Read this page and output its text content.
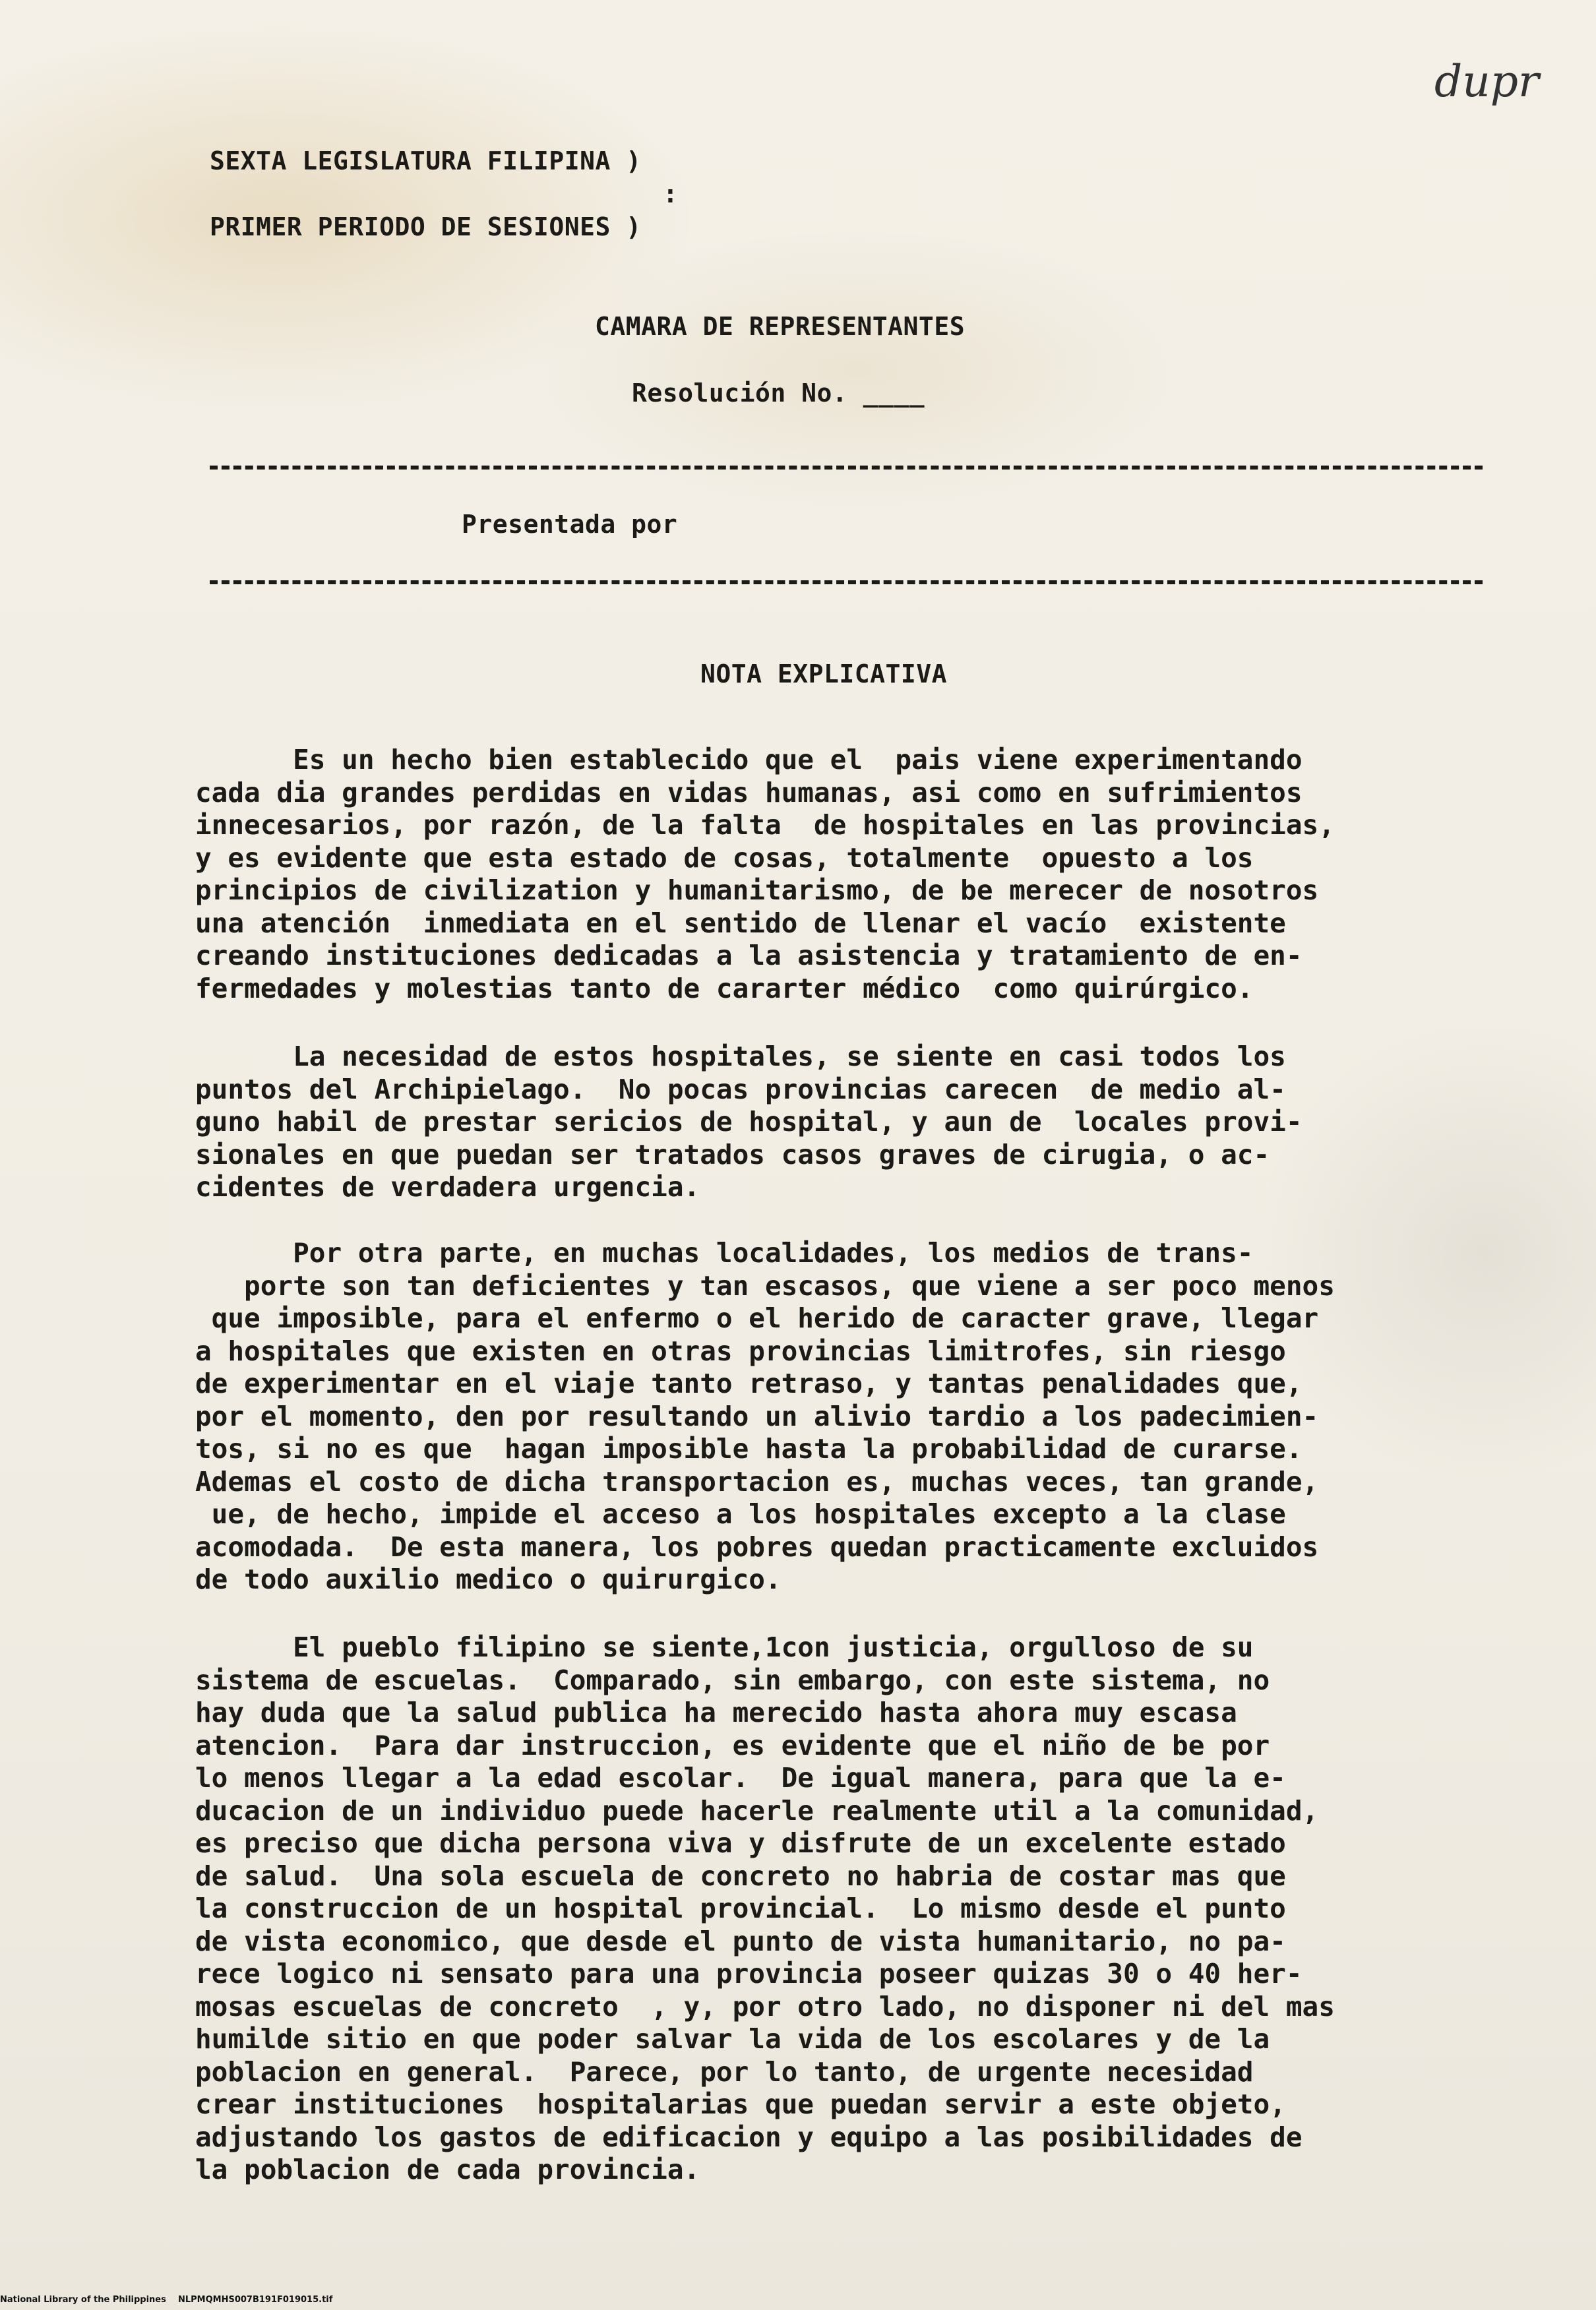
dupr
SEXTA LEGISLATURA FILIPINA )
:
PRIMER PERIODO DE SESIONES )
CAMARA DE REPRESENTANTES
Resolución No. ____
Presentada por
NOTA EXPLICATIVA
Es un hecho bien establecido que el  pais viene experimentando
cada dia grandes perdidas en vidas humanas, asi como en sufrimientos
innecesarios, por razón, de la falta  de hospitales en las provincias,
y es evidente que esta estado de cosas, totalmente  opuesto a los
principios de civilization y humanitarismo, de be merecer de nosotros
una atención  inmediata en el sentido de llenar el vacío  existente
creando instituciones dedicadas a la asistencia y tratamiento de en-
fermedades y molestias tanto de cararter médico  como quirúrgico.
La necesidad de estos hospitales, se siente en casi todos los
puntos del Archipielago.  No pocas provincias carecen  de medio al-
guno habil de prestar sericios de hospital, y aun de  locales provi-
sionales en que puedan ser tratados casos graves de cirugia, o ac-
cidentes de verdadera urgencia.
Por otra parte, en muchas localidades, los medios de trans-
porte son tan deficientes y tan escasos, que viene a ser poco menos
que imposible, para el enfermo o el herido de caracter grave, llegar
a hospitales que existen en otras provincias limitrofes, sin riesgo
de experimentar en el viaje tanto retraso, y tantas penalidades que,
por el momento, den por resultando un alivio tardio a los padecimien-
tos, si no es que  hagan imposible hasta la probabilidad de curarse.
Ademas el costo de dicha transportacion es, muchas veces, tan grande,
ue, de hecho, impide el acceso a los hospitales excepto a la clase
acomodada.  De esta manera, los pobres quedan practicamente excluidos
de todo auxilio medico o quirurgico.
El pueblo filipino se siente,1con justicia, orgulloso de su
sistema de escuelas.  Comparado, sin embargo, con este sistema, no
hay duda que la salud publica ha merecido hasta ahora muy escasa
atencion.  Para dar instruccion, es evidente que el niño de be por
lo menos llegar a la edad escolar.  De igual manera, para que la e-
ducacion de un individuo puede hacerle realmente util a la comunidad,
es preciso que dicha persona viva y disfrute de un excelente estado
de salud.  Una sola escuela de concreto no habria de costar mas que
la construccion de un hospital provincial.  Lo mismo desde el punto
de vista economico, que desde el punto de vista humanitario, no pa-
rece logico ni sensato para una provincia poseer quizas 30 o 40 her-
mosas escuelas de concreto  , y, por otro lado, no disponer ni del mas
humilde sitio en que poder salvar la vida de los escolares y de la
poblacion en general.  Parece, por lo tanto, de urgente necesidad
crear instituciones  hospitalarias que puedan servir a este objeto,
adjustando los gastos de edificacion y equipo a las posibilidades de
la poblacion de cada provincia.
National Library of the Philippines    NLPMQMHS007B191F019015.tif
